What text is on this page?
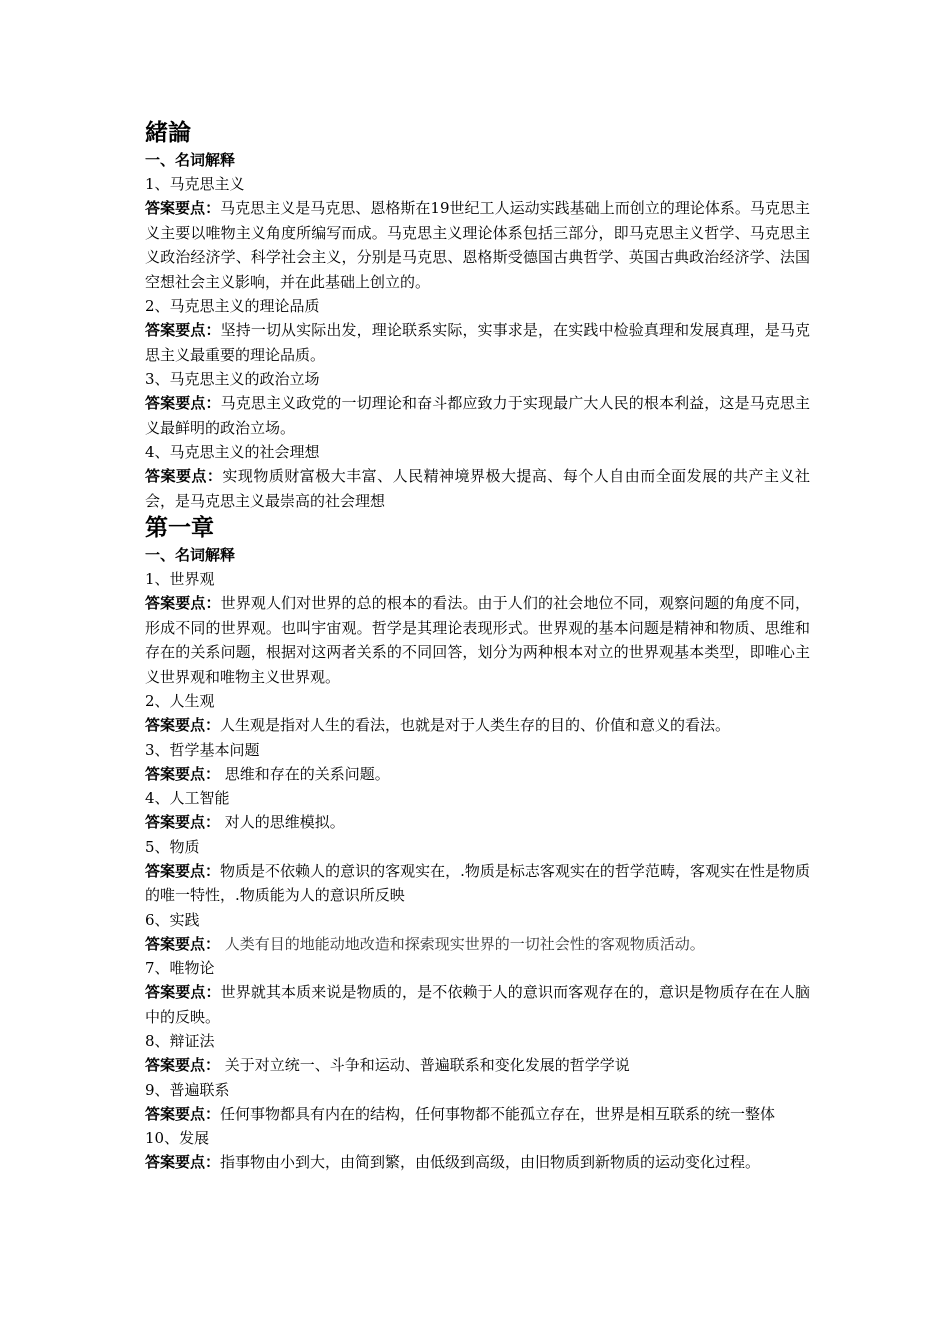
緒論
一、名词解释
1、马克思主义
答案要点：马克思主义是马克思、恩格斯在19世纪工人运动实践基础上而创立的理论体系。马克思主义主要以唯物主义角度所编写而成。马克思主义理论体系包括三部分，即马克思主义哲学、马克思主义政治经济学、科学社会主义，分别是马克思、恩格斯受德国古典哲学、英国古典政治经济学、法国空想社会主义影响，并在此基础上创立的。
2、马克思主义的理论品质
答案要点：坚持一切从实际出发，理论联系实际，实事求是，在实践中检验真理和发展真理，是马克思主义最重要的理论品质。
3、马克思主义的政治立场
答案要点：马克思主义政党的一切理论和奋斗都应致力于实现最广大人民的根本利益，这是马克思主义最鲜明的政治立场。
4、马克思主义的社会理想
答案要点：实现物质财富极大丰富、人民精神境界极大提高、每个人自由而全面发展的共产主义社会，是马克思主义最崇高的社会理想
第一章
一、名词解释
1、世界观
答案要点：世界观人们对世界的总的根本的看法。由于人们的社会地位不同，观察问题的角度不同，形成不同的世界观。也叫宇宙观。哲学是其理论表现形式。世界观的基本问题是精神和物质、思维和存在的关系问题，根据对这两者关系的不同回答，划分为两种根本对立的世界观基本类型，即唯心主义世界观和唯物主义世界观。
2、人生观
答案要点：人生观是指对人生的看法，也就是对于人类生存的目的、价值和意义的看法。
3、哲学基本问题
答案要点： 思维和存在的关系问题。
4、人工智能
答案要点： 对人的思维模拟。
5、物质
答案要点：物质是不依赖人的意识的客观实在，.物质是标志客观实在的哲学范畴，客观实在性是物质的唯一特性，.物质能为人的意识所反映
6、实践
答案要点： 人类有目的地能动地改造和探索现实世界的一切社会性的客观物质活动。
7、唯物论
答案要点：世界就其本质来说是物质的，是不依赖于人的意识而客观存在的，意识是物质存在在人脑中的反映。
8、辩证法
答案要点： 关于对立统一、斗争和运动、普遍联系和变化发展的哲学学说
9、普遍联系
答案要点：任何事物都具有内在的结构，任何事物都不能孤立存在，世界是相互联系的统一整体
10、发展
答案要点：指事物由小到大，由简到繁，由低级到高级，由旧物质到新物质的运动变化过程。
